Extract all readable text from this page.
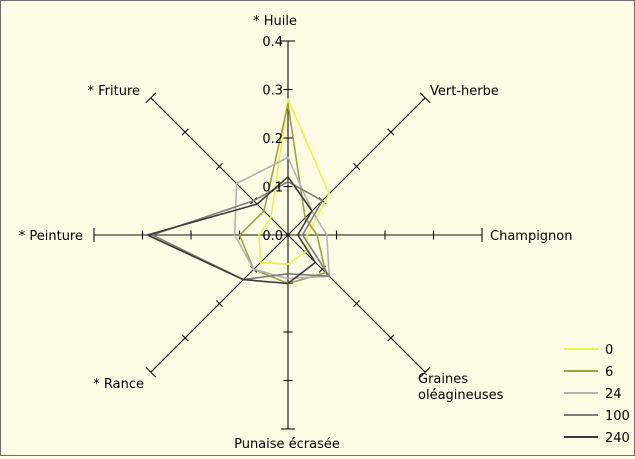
0.0
0.1
0.2
0.3
0.4
* Huile
Vert-herbe
Champignon
Graines oléagineuses
Punaise écrasée
* Rance
* Peinture
* Friture
0
6
24
100
240
